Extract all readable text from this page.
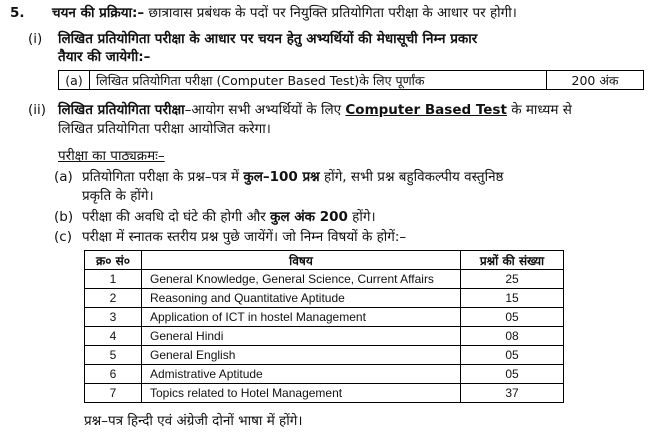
5. चयन की प्रक्रिया:– छात्रावास प्रबंधक के पदों पर नियुक्ति प्रतियोगिता परीक्षा के आधार पर होगी।
(i) लिखित प्रतियोगिता परीक्षा के आधार पर चयन हेतु अभ्यर्थियों की मेधासूची निम्न प्रकार
तैयार की जायेगी:–
(a)	लिखित प्रतियोगिता परीक्षा (Computer Based Test)के लिए पूर्णांक	200 अंक
(ii) लिखित प्रतियोगिता परीक्षा–आयोग सभी अभ्यर्थियों के लिए Computer Based Test के माध्यम से
लिखित प्रतियोगिता परीक्षा आयोजित करेगा।
परीक्षा का पाठ्यक्रमः–
(a) प्रतियोगिता परीक्षा के प्रश्न–पत्र में कुल–100 प्रश्न होंगे, सभी प्रश्न बहुविकल्पीय वस्तुनिष्ठ
प्रकृति के होंगे।
(b) परीक्षा की अवधि दो घंटे की होगी और कुल अंक 200 होंगे।
(c) परीक्षा में स्नातक स्तरीय प्रश्न पुछे जायेंगें। जो निम्न विषयों के होगें:–
क्र० सं०	विषय	प्रश्नों की संख्या
1	General Knowledge, General Science, Current Affairs	25
2	Reasoning and Quantitative Aptitude	15
3	Application of ICT in hostel Management	05
4	General Hindi	08
5	General English	05
6	Admistrative Aptitude	05
7	Topics related to Hotel Management	37
प्रश्न–पत्र हिन्दी एवं अंग्रेजी दोनों भाषा में होंगे।
